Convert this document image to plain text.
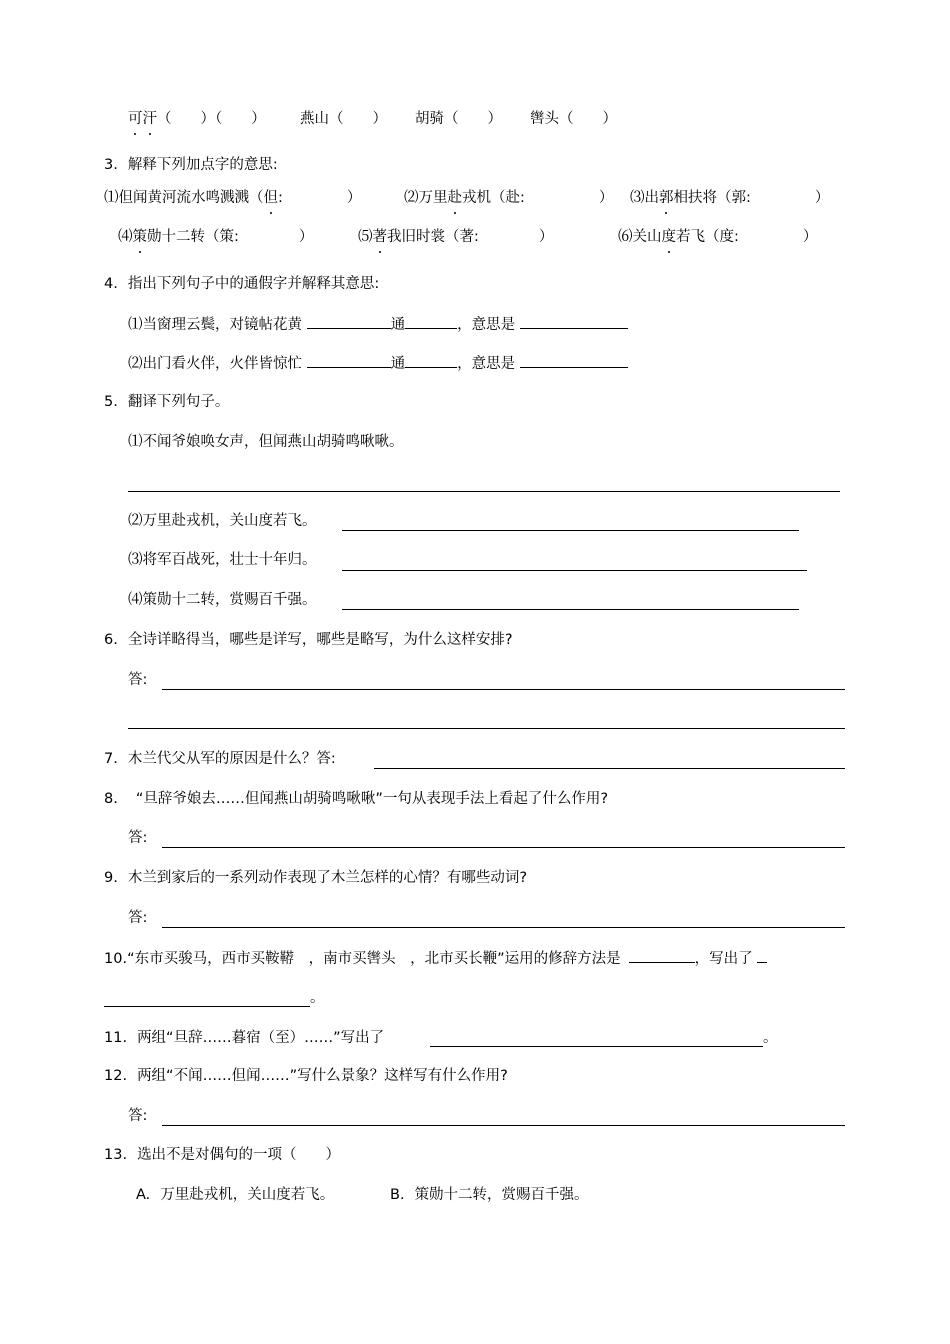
可汗（　　）（　　） 燕山（　　） 胡骑（　　） 辔头（　　）
3. 解释下列加点字的意思:
⑴但闻黄河流水鸣溅溅（但:	）	⑵万里赴戎机（赴:	） ⑶出郭相扶将（郭:	）
⑷策勋十二转（策:	）	⑸著我旧时裳（著:	）	⑹关山度若飞（度:	）
4. 指出下列句子中的通假字并解释其意思:
⑴当窗理云鬓，对镜帖花黄	通	，意思是
⑵出门看火伴，火伴皆惊忙	通	，意思是
5. 翻译下列句子。
⑴不闻爷娘唤女声，但闻燕山胡骑鸣啾啾。
⑵万里赴戎机，关山度若飞。
⑶将军百战死，壮士十年归。
⑷策勋十二转，赏赐百千强。
6. 全诗详略得当，哪些是详写，哪些是略写，为什么这样安排?
答:
7. 木兰代父从军的原因是什么？答:
8. “旦辞爷娘去……但闻燕山胡骑鸣啾啾”一句从表现手法上看起了什么作用?
答:
9. 木兰到家后的一系列动作表现了木兰怎样的心情？有哪些动词?
答:
10.“东市买骏马，西市买鞍鞯　，南市买辔头　，北市买长鞭”运用的修辞方法是	，写出了
。
11. 两组“旦辞……暮宿（至）……”写出了	。
12. 两组“不闻……但闻……”写什么景象？这样写有什么作用?
答:
13. 选出不是对偶句的一项（　　）
A. 万里赴戎机，关山度若飞。	B. 策勋十二转，赏赐百千强。
